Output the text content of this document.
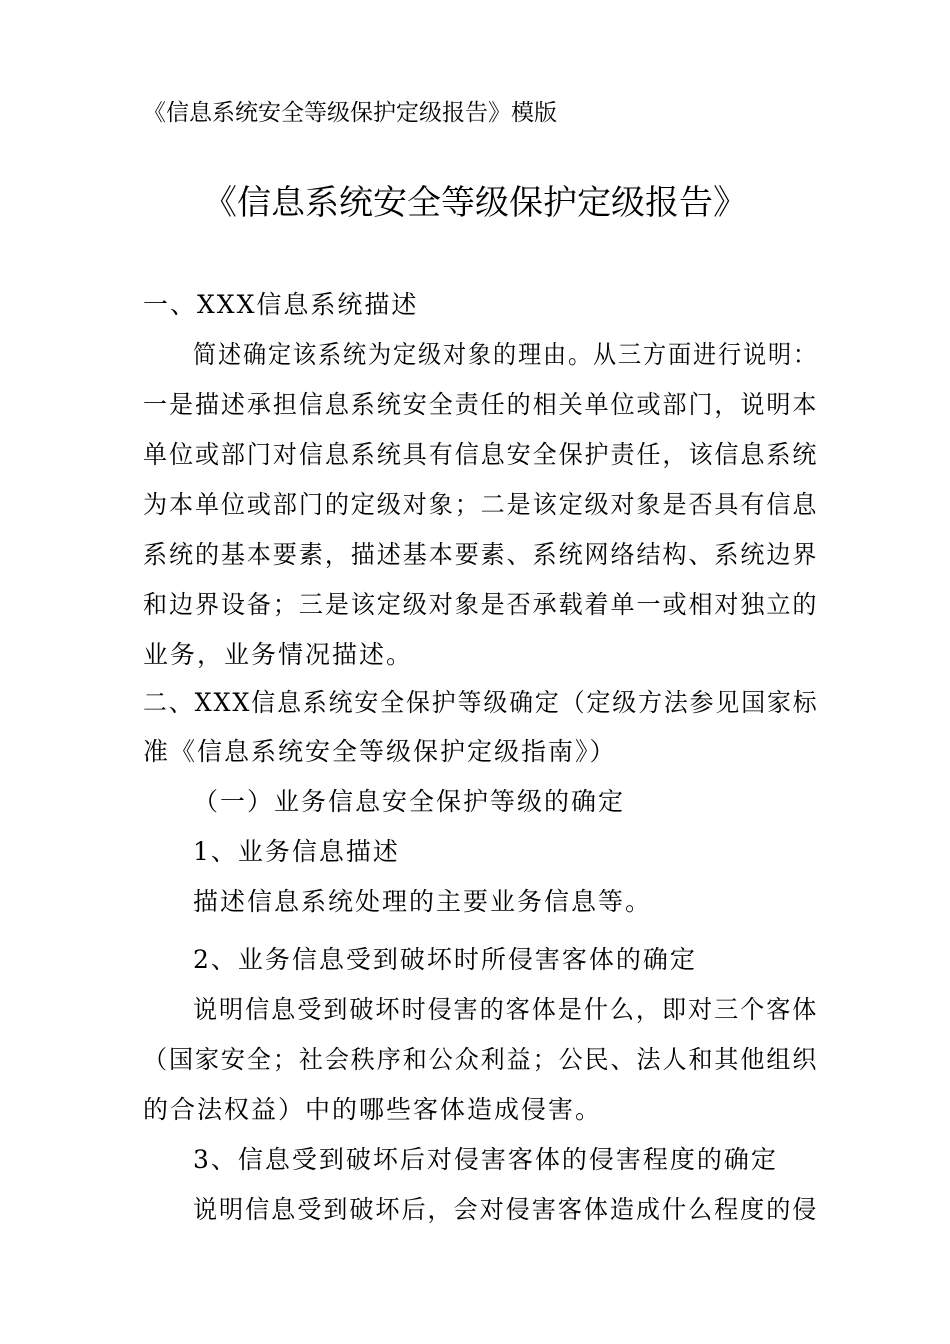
《信息系统安全等级保护定级报告》模版
《信息系统安全等级保护定级报告》
一、XXX信息系统描述
简述确定该系统为定级对象的理由。从三方面进行说明：
一是描述承担信息系统安全责任的相关单位或部门，说明本
单位或部门对信息系统具有信息安全保护责任，该信息系统
为本单位或部门的定级对象；二是该定级对象是否具有信息
系统的基本要素，描述基本要素、系统网络结构、系统边界
和边界设备；三是该定级对象是否承载着单一或相对独立的
业务，业务情况描述。
二、XXX信息系统安全保护等级确定（定级方法参见国家标
准《信息系统安全等级保护定级指南》）
（一）业务信息安全保护等级的确定
1、业务信息描述
描述信息系统处理的主要业务信息等。
2、业务信息受到破坏时所侵害客体的确定
说明信息受到破坏时侵害的客体是什么，即对三个客体
（国家安全；社会秩序和公众利益；公民、法人和其他组织
的合法权益）中的哪些客体造成侵害。
3、信息受到破坏后对侵害客体的侵害程度的确定
说明信息受到破坏后，会对侵害客体造成什么程度的侵
